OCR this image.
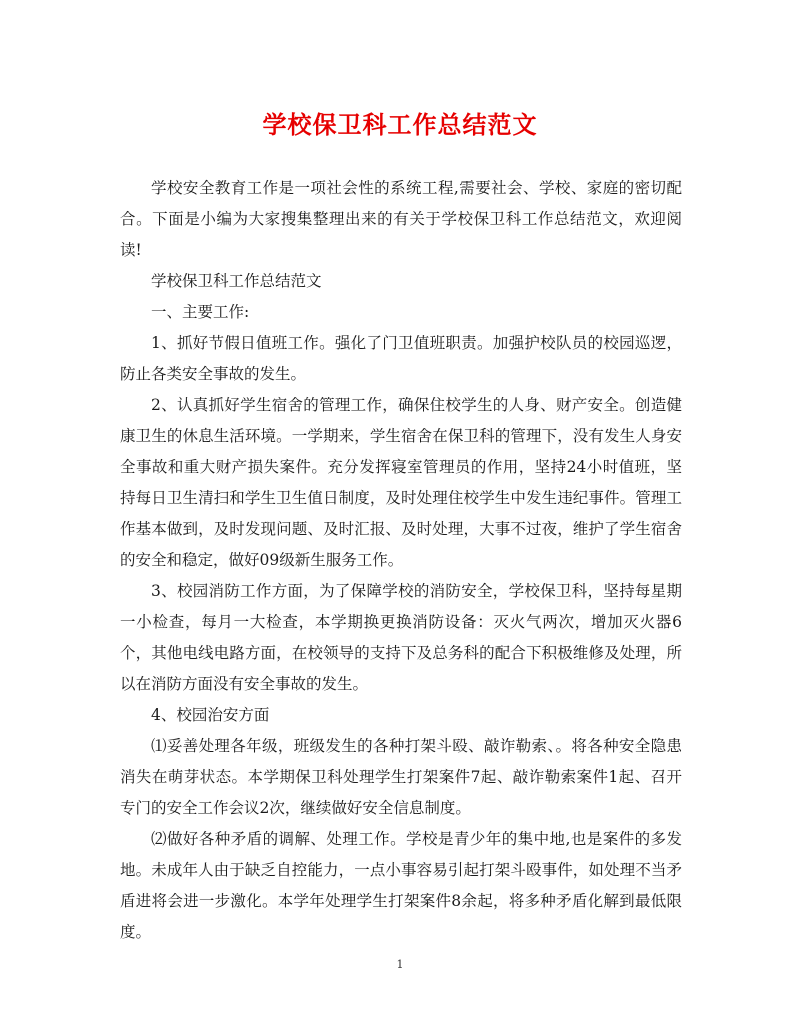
学校保卫科工作总结范文

学校安全教育工作是一项社会性的系统工程,需要社会、学校、家庭的密切配合。下面是小编为大家搜集整理出来的有关于学校保卫科工作总结范文，欢迎阅读!

学校保卫科工作总结范文

一、主要工作:

1、抓好节假日值班工作。强化了门卫值班职责。加强护校队员的校园巡逻，防止各类安全事故的发生。

2、认真抓好学生宿舍的管理工作，确保住校学生的人身、财产安全。创造健康卫生的休息生活环境。一学期来，学生宿舍在保卫科的管理下，没有发生人身安全事故和重大财产损失案件。充分发挥寝室管理员的作用，坚持24小时值班，坚持每日卫生清扫和学生卫生值日制度，及时处理住校学生中发生违纪事件。管理工作基本做到，及时发现问题、及时汇报、及时处理，大事不过夜，维护了学生宿舍的安全和稳定，做好09级新生服务工作。

3、校园消防工作方面，为了保障学校的消防安全，学校保卫科，坚持每星期一小检查，每月一大检查，本学期换更换消防设备：灭火气两次，增加灭火器6个，其他电线电路方面，在校领导的支持下及总务科的配合下积极维修及处理，所以在消防方面没有安全事故的发生。

4、校园治安方面

⑴妥善处理各年级，班级发生的各种打架斗殴、敲诈勒索、。将各种安全隐患消失在萌芽状态。本学期保卫科处理学生打架案件7起、敲诈勒索案件1起、召开专门的安全工作会议2次，继续做好安全信息制度。

⑵做好各种矛盾的调解、处理工作。学校是青少年的集中地,也是案件的多发地。未成年人由于缺乏自控能力，一点小事容易引起打架斗殴事件，如处理不当矛盾进将会进一步激化。本学年处理学生打架案件8余起，将多种矛盾化解到最低限度。

1
